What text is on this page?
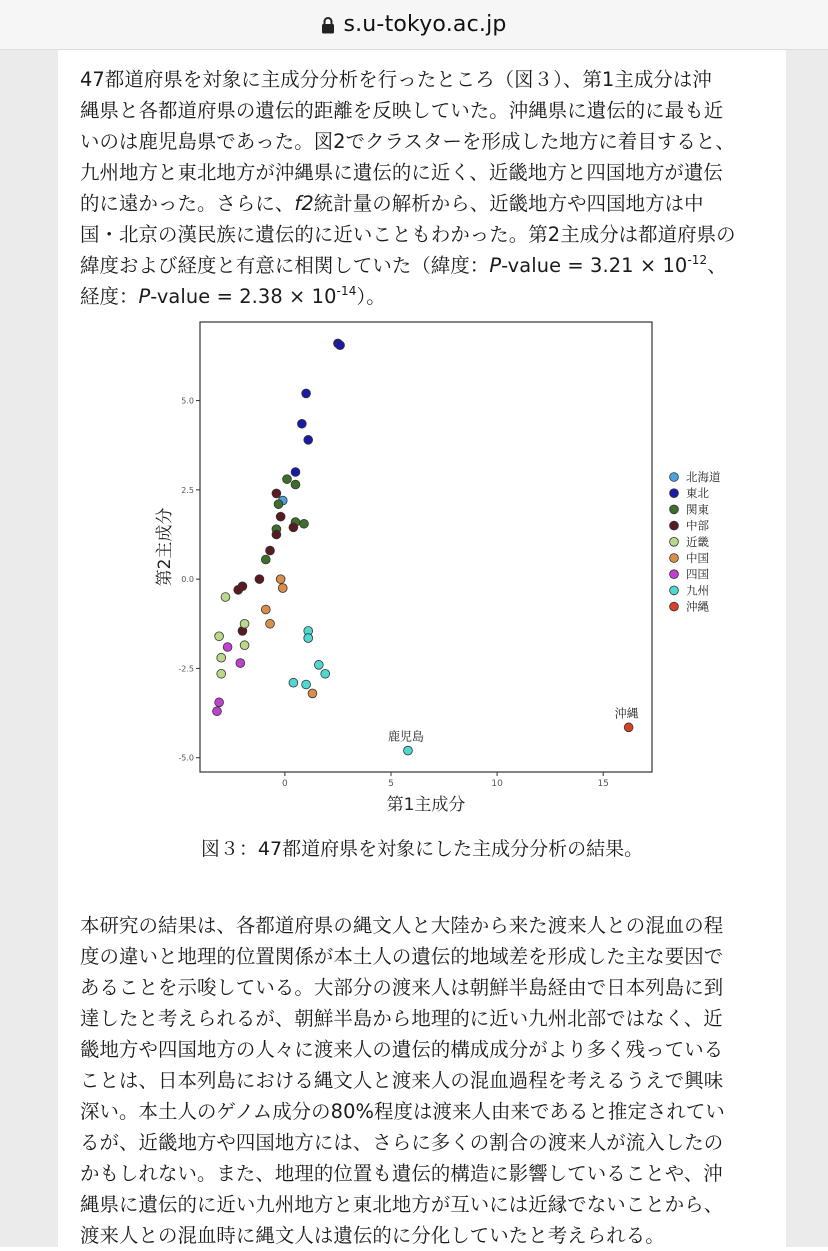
s.u-tokyo.ac.jp
47都道府県を対象に主成分分析を行ったところ（図３）、第1主成分は沖
縄県と各都道府県の遺伝的距離を反映していた。沖縄県に遺伝的に最も近
いのは鹿児島県であった。図2でクラスターを形成した地方に着目すると、
九州地方と東北地方が沖縄県に遺伝的に近く、近畿地方と四国地方が遺伝
的に遠かった。さらに、f2統計量の解析から、近畿地方や四国地方は中
国・北京の漢民族に遺伝的に近いこともわかった。第2主成分は都道府県の
緯度および経度と有意に相関していた（緯度：P-value = $3.21 \times 10^{-12}$、
経度：P-value = $2.38 \times 10^{-14}$）。
0	5	10	15
-5.0
-2.5
0.0
2.5
5.0
第1主成分
第2主成分
鹿児島
沖縄
北海道
東北
関東
中部
近畿
中国
四国
九州
沖縄
図３：47都道府県を対象にした主成分分析の結果。
本研究の結果は、各都道府県の縄文人と大陸から来た渡来人との混血の程
度の違いと地理的位置関係が本土人の遺伝的地域差を形成した主な要因で
あることを示唆している。大部分の渡来人は朝鮮半島経由で日本列島に到
達したと考えられるが、朝鮮半島から地理的に近い九州北部ではなく、近
畿地方や四国地方の人々に渡来人の遺伝的構成成分がより多く残っている
ことは、日本列島における縄文人と渡来人の混血過程を考えるうえで興味
深い。本土人のゲノム成分の80%程度は渡来人由来であると推定されてい
るが、近畿地方や四国地方には、さらに多くの割合の渡来人が流入したの
かもしれない。また、地理的位置も遺伝的構造に影響していることや、沖
縄県に遺伝的に近い九州地方と東北地方が互いには近縁でないことから、
渡来人との混血時に縄文人は遺伝的に分化していたと考えられる。
